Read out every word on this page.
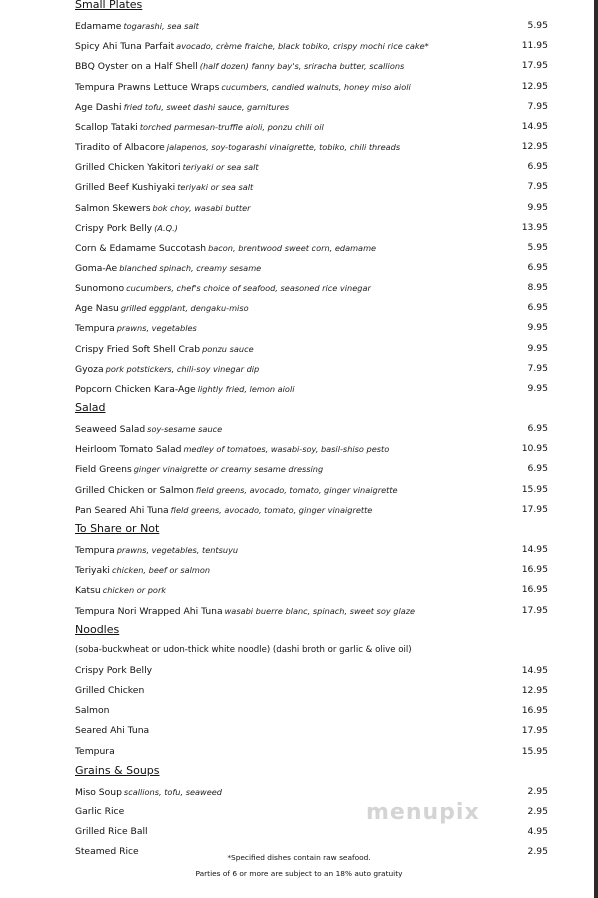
Small Plates
Edamame togarashi, sea salt	5.95
Spicy Ahi Tuna Parfait avocado, crème fraiche, black tobiko, crispy mochi rice cake*	11.95
BBQ Oyster on a Half Shell (half dozen) fanny bay's, sriracha butter, scallions	17.95
Tempura Prawns Lettuce Wraps cucumbers, candied walnuts, honey miso aioli	12.95
Age Dashi fried tofu, sweet dashi sauce, garnitures	7.95
Scallop Tataki torched parmesan-truffle aioli, ponzu chili oil	14.95
Tiradito of Albacore jalapenos, soy-togarashi vinaigrette, tobiko, chili threads	12.95
Grilled Chicken Yakitori teriyaki or sea salt	6.95
Grilled Beef Kushiyaki teriyaki or sea salt	7.95
Salmon Skewers bok choy, wasabi butter	9.95
Crispy Pork Belly (A.Q.)	13.95
Corn & Edamame Succotash bacon, brentwood sweet corn, edamame	5.95
Goma-Ae blanched spinach, creamy sesame	6.95
Sunomono cucumbers, chef's choice of seafood, seasoned rice vinegar	8.95
Age Nasu grilled eggplant, dengaku-miso	6.95
Tempura prawns, vegetables	9.95
Crispy Fried Soft Shell Crab ponzu sauce	9.95
Gyoza pork potstickers, chili-soy vinegar dip	7.95
Popcorn Chicken Kara-Age lightly fried, lemon aioli	9.95
Salad
Seaweed Salad soy-sesame sauce	6.95
Heirloom Tomato Salad medley of tomatoes, wasabi-soy, basil-shiso pesto	10.95
Field Greens ginger vinaigrette or creamy sesame dressing	6.95
Grilled Chicken or Salmon field greens, avocado, tomato, ginger vinaigrette	15.95
Pan Seared Ahi Tuna field greens, avocado, tomato, ginger vinaigrette	17.95
To Share or Not
Tempura prawns, vegetables, tentsuyu	14.95
Teriyaki chicken, beef or salmon	16.95
Katsu chicken or pork	16.95
Tempura Nori Wrapped Ahi Tuna wasabi buerre blanc, spinach, sweet soy glaze	17.95
Noodles
(soba-buckwheat or udon-thick white noodle) (dashi broth or garlic & olive oil)
Crispy Pork Belly	14.95
Grilled Chicken	12.95
Salmon	16.95
Seared Ahi Tuna	17.95
Tempura	15.95
Grains & Soups
Miso Soup scallions, tofu, seaweed	2.95
Garlic Rice	2.95
Grilled Rice Ball	4.95
Steamed Rice	2.95
*Specified dishes contain raw seafood.
Parties of 6 or more are subject to an 18% auto gratuity
menupix
